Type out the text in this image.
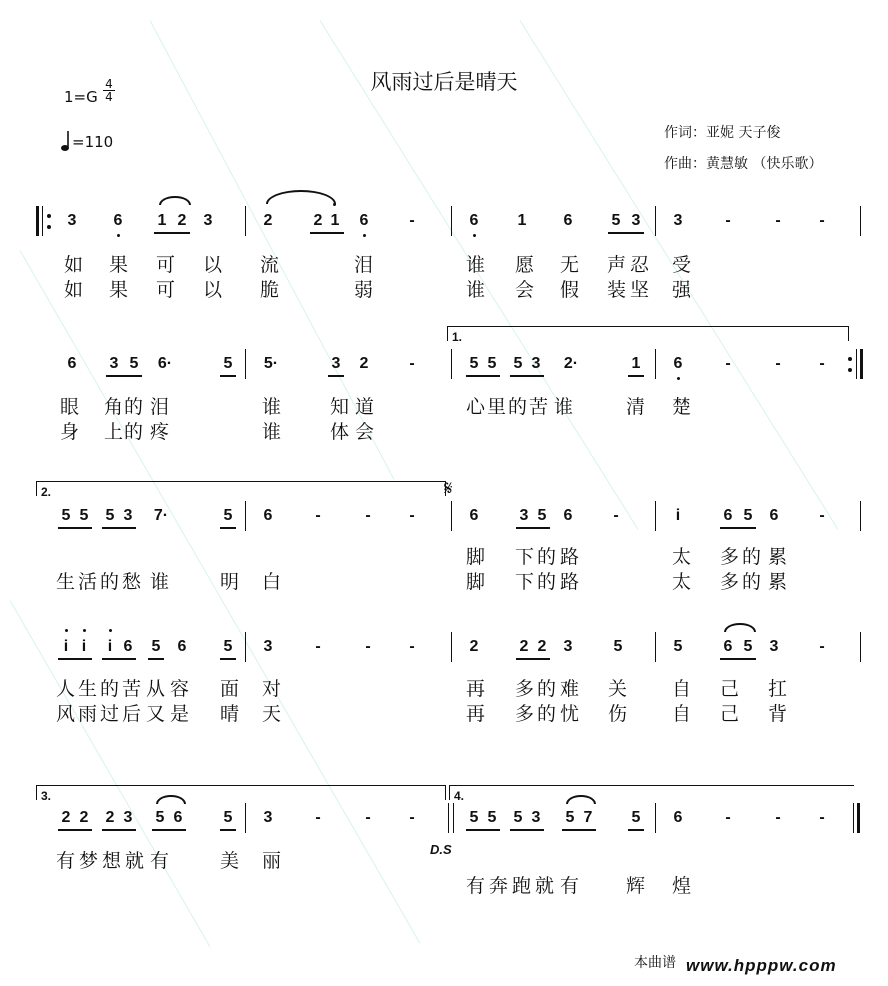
风雨过后是晴天
1=G
4
4
=110	作词：亚妮 天子俊
作曲：黄慧敏 （快乐歌）
3	6	1 2	3	2	2 1	6	-	6	1	6	5 3	3	-	-	-
如 果 可 以 流	泪	谁 愿 无 声 忍 受
如 果 可 以 脆	弱	谁 会 假 装 坚 强
1.
6	3 5	6·	5	5·	3	2	-	5 5	5 3	2·	1	6	-	-	-
眼 角 的 泪	谁	知 道	心 里 的 苦 谁	清 楚
身 上 的 疼	谁	体 会
2.	𝄋
5 5	5 3	7·	5	6	-	-	-	6	3 5	6	-	i	6 5	6	-
脚 下 的 路	太 多 的 累
生 活 的 愁 谁	明 白	脚 下 的 路	太 多 的 累
i i	i 6	5	6	5	3	-	-	-	2	2 2	3	5	5	6 5	3	-
人 生 的 苦 从 容 面 对	再 多 的 难 关 自 己 扛
风 雨 过 后 又 是 晴 天	再 多 的 忧 伤 自 己 背
3.	4.
2 2	2 3	5 6	5	3	-	-	-	5 5	5 3	5 7	5	6	-	-	-
D.S
有 梦 想 就 有	美 丽
有 奔 跑 就 有 辉 煌
本曲谱 www.hpppw.com
